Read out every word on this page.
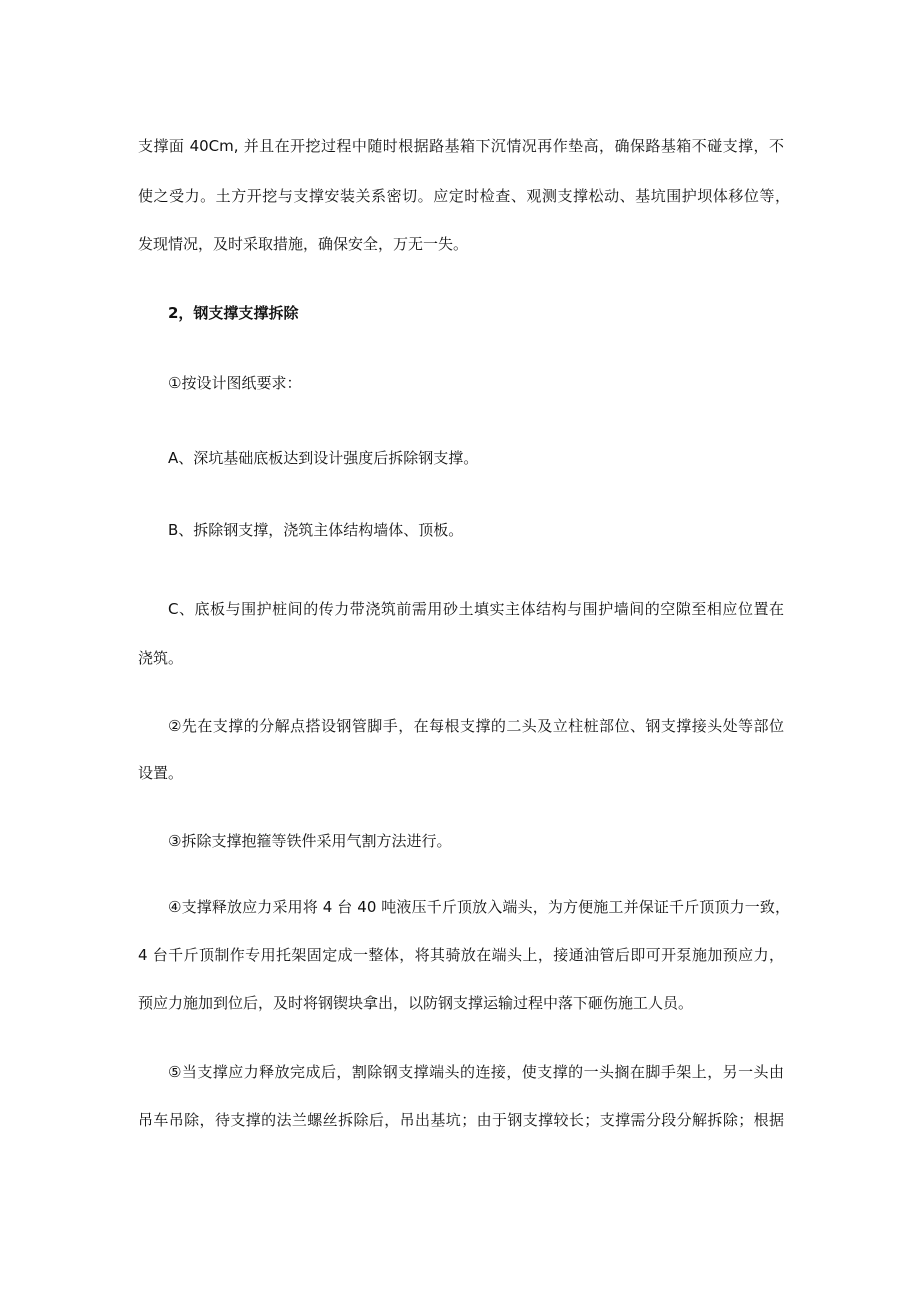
支撑面 40Cm, 并且在开挖过程中随时根据路基箱下沉情况再作垫高，确保路基箱不碰支撑，不
使之受力。土方开挖与支撑安装关系密切。应定时检查、观测支撑松动、基坑围护坝体移位等，
发现情况，及时采取措施，确保安全，万无一失。
2，钢支撑支撑拆除
①按设计图纸要求：
A、深坑基础底板达到设计强度后拆除钢支撑。
B、拆除钢支撑，浇筑主体结构墙体、顶板。
C、底板与围护桩间的传力带浇筑前需用砂土填实主体结构与围护墙间的空隙至相应位置在
浇筑。
②先在支撑的分解点搭设钢管脚手，在每根支撑的二头及立柱桩部位、钢支撑接头处等部位
设置。
③拆除支撑抱箍等铁件采用气割方法进行。
④支撑释放应力采用将 4 台 40 吨液压千斤顶放入端头，为方便施工并保证千斤顶顶力一致，
4 台千斤顶制作专用托架固定成一整体，将其骑放在端头上，接通油管后即可开泵施加预应力，
预应力施加到位后，及时将钢锲块拿出，以防钢支撑运输过程中落下砸伤施工人员。
⑤当支撑应力释放完成后，割除钢支撑端头的连接，使支撑的一头搁在脚手架上，另一头由
吊车吊除，待支撑的法兰螺丝拆除后，吊出基坑；由于钢支撑较长；支撑需分段分解拆除；根据
